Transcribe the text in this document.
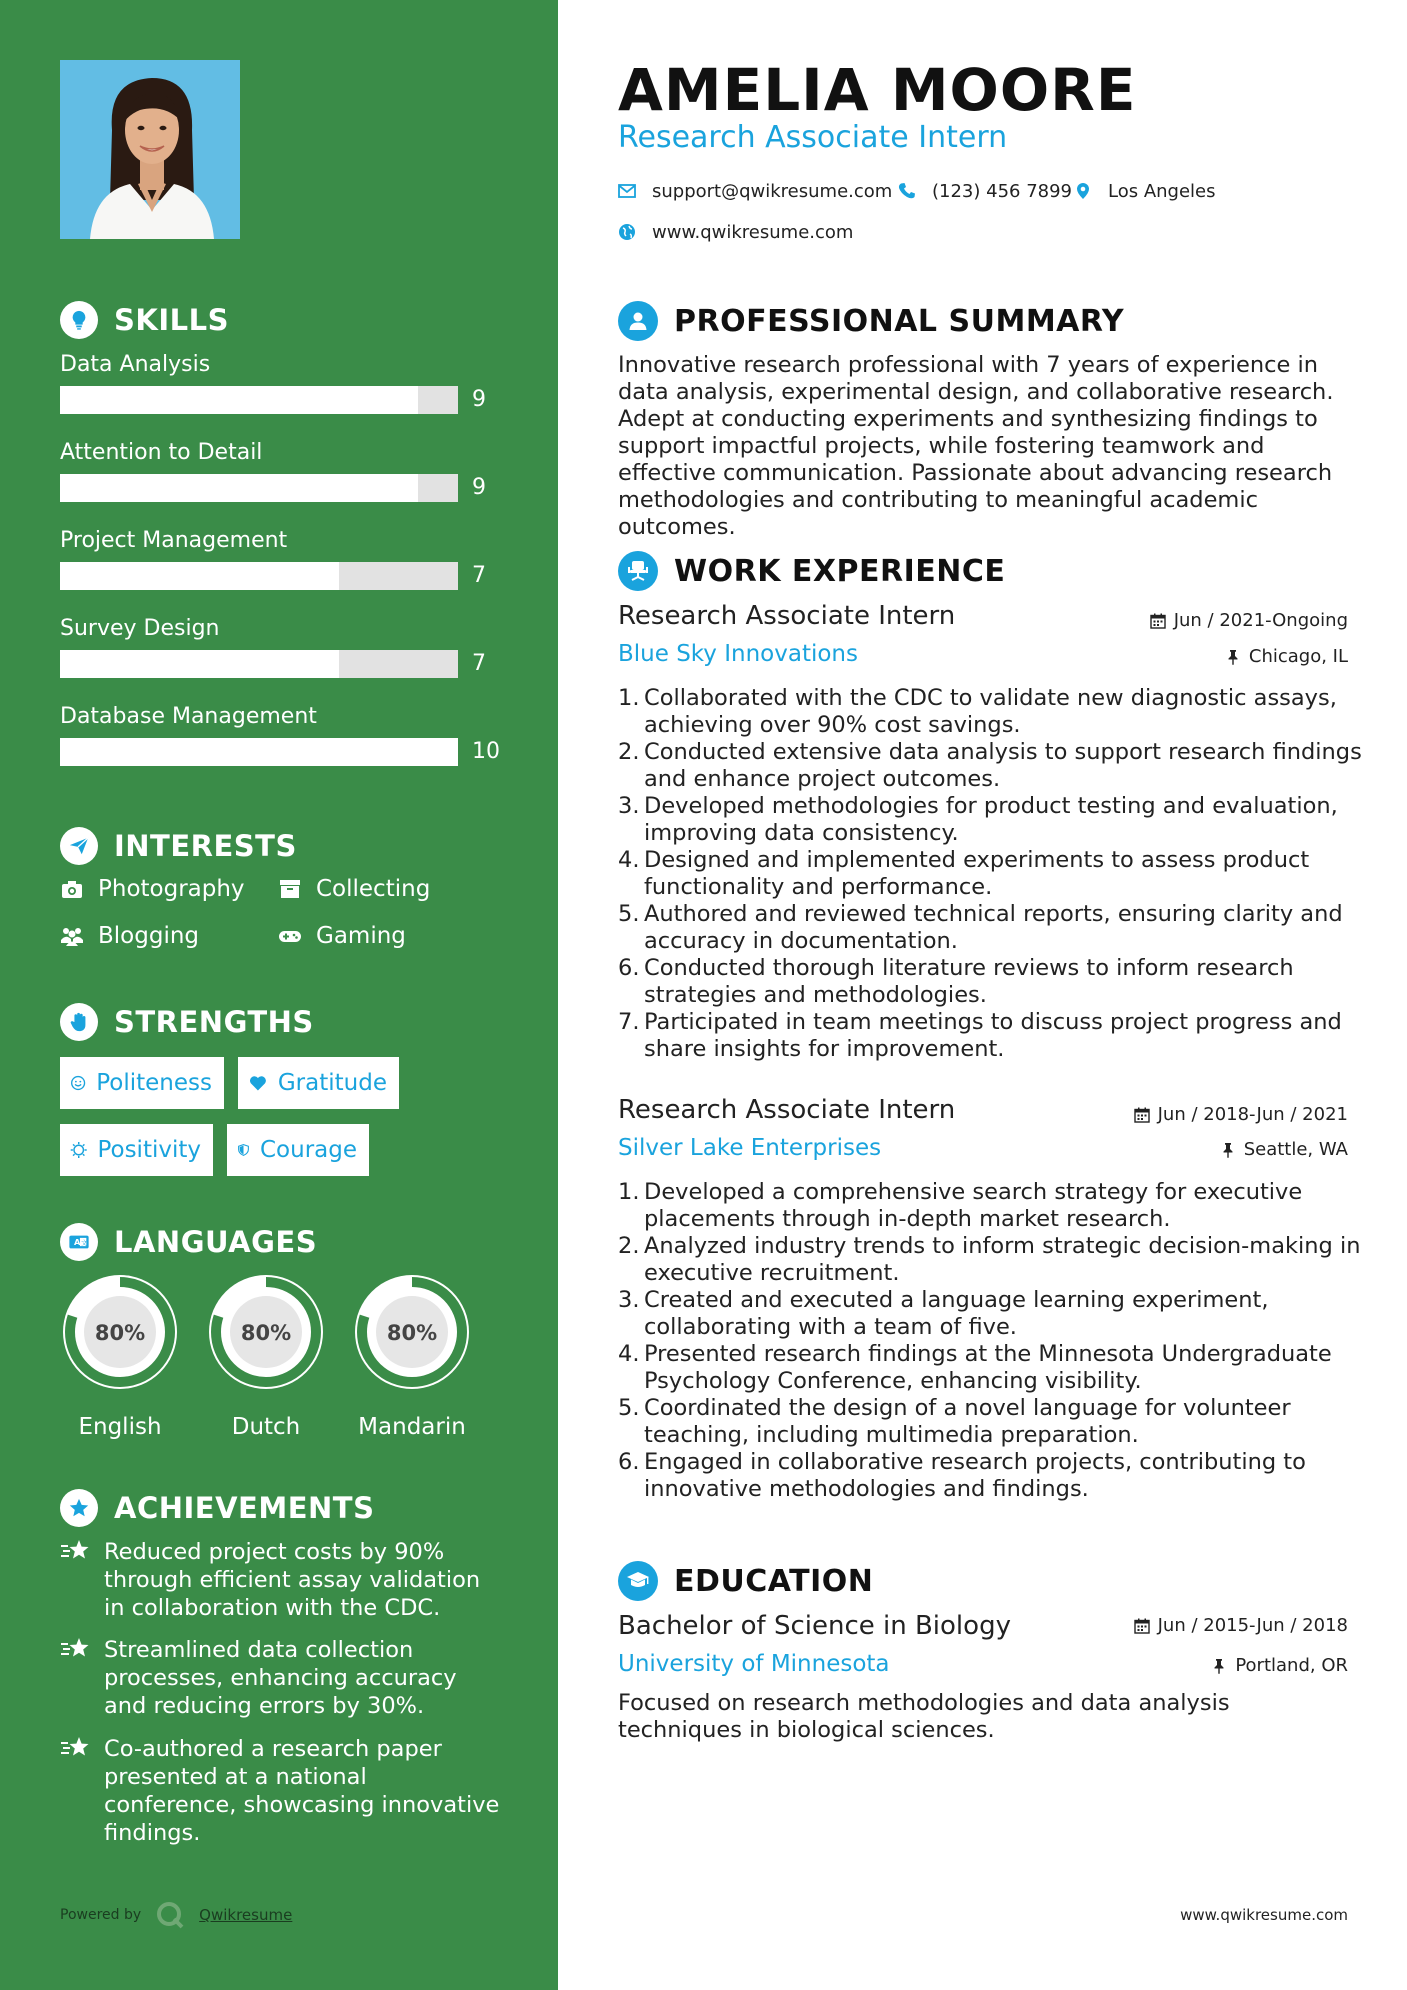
SKILLS
Data Analysis
9
Attention to Detail
9
Project Management
7
Survey Design
7
Database Management
10
INTERESTS
Photography	Collecting
Blogging	Gaming
STRENGTHS
Politeness	Gratitude
Positivity	Courage
A 文 LANGUAGES
80%
English
80%
Dutch
80%
Mandarin
ACHIEVEMENTS
Reduced project costs by 90% through efficient assay validation in collaboration with the CDC.
Streamlined data collection processes, enhancing accuracy and reducing errors by 30%.
Co-authored a research paper presented at a national conference, showcasing innovative findings.
Powered by	Qwikresume
AMELIA MOORE
Research Associate Intern
support@qwikresume.com (123) 456 7899 Los Angeles
www.qwikresume.com
PROFESSIONAL SUMMARY
Innovative research professional with 7 years of experience in data analysis, experimental design, and collaborative research. Adept at conducting experiments and synthesizing findings to support impactful projects, while fostering teamwork and effective communication. Passionate about advancing research methodologies and contributing to meaningful academic outcomes.
WORK EXPERIENCE
Research Associate Intern	Jun / 2021-Ongoing
Blue Sky Innovations	Chicago, IL
1. Collaborated with the CDC to validate new diagnostic assays, achieving over 90% cost savings.
2. Conducted extensive data analysis to support research findings and enhance project outcomes.
3. Developed methodologies for product testing and evaluation, improving data consistency.
4. Designed and implemented experiments to assess product functionality and performance.
5. Authored and reviewed technical reports, ensuring clarity and accuracy in documentation.
6. Conducted thorough literature reviews to inform research strategies and methodologies.
7. Participated in team meetings to discuss project progress and share insights for improvement.
Research Associate Intern	Jun / 2018-Jun / 2021
Silver Lake Enterprises	Seattle, WA
1. Developed a comprehensive search strategy for executive placements through in-depth market research.
2. Analyzed industry trends to inform strategic decision-making in executive recruitment.
3. Created and executed a language learning experiment, collaborating with a team of five.
4. Presented research findings at the Minnesota Undergraduate Psychology Conference, enhancing visibility.
5. Coordinated the design of a novel language for volunteer teaching, including multimedia preparation.
6. Engaged in collaborative research projects, contributing to innovative methodologies and findings.
EDUCATION
Bachelor of Science in Biology	Jun / 2015-Jun / 2018
University of Minnesota	Portland, OR
Focused on research methodologies and data analysis techniques in biological sciences.
www.qwikresume.com
